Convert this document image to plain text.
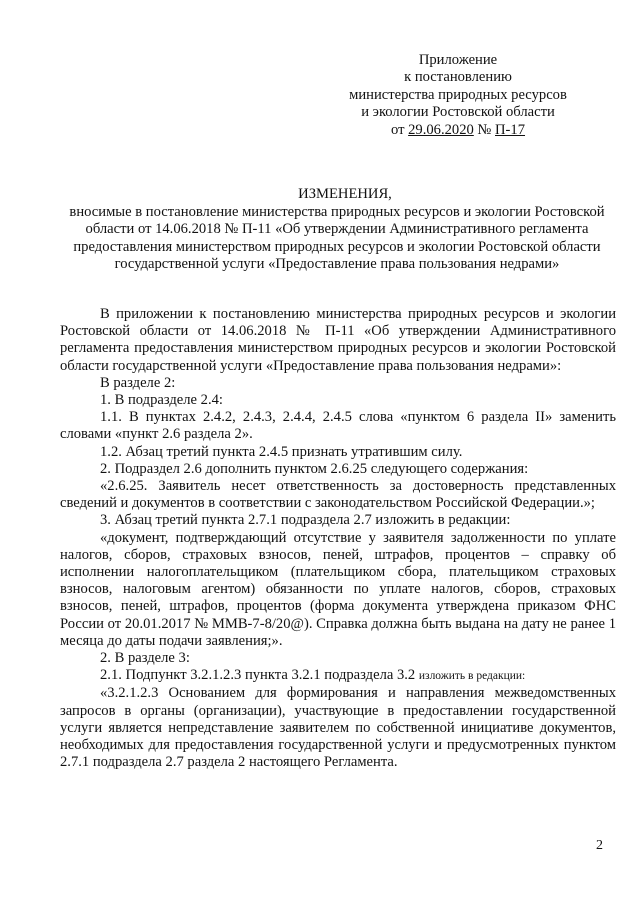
Приложение
к постановлению
министерства природных ресурсов
и экологии Ростовской области
от 29.06.2020 № П-17
ИЗМЕНЕНИЯ,
вносимые в постановление министерства природных ресурсов и экологии Ростовской области от 14.06.2018 № П-11 «Об утверждении Административного регламента предоставления министерством природных ресурсов и экологии Ростовской области государственной услуги «Предоставление права пользования недрами»

В приложении к постановлению министерства природных ресурсов и экологии Ростовской области от 14.06.2018 № П-11 «Об утверждении Административного регламента предоставления министерством природных ресурсов и экологии Ростовской области государственной услуги «Предоставление права пользования недрами»:

В разделе 2:

1. В подразделе 2.4:

1.1. В пунктах 2.4.2, 2.4.3, 2.4.4, 2.4.5 слова «пунктом 6 раздела II» заменить словами «пункт 2.6 раздела 2».

1.2. Абзац третий пункта 2.4.5 признать утратившим силу.

2. Подраздел 2.6 дополнить пунктом 2.6.25 следующего содержания:

«2.6.25. Заявитель несет ответственность за достоверность представленных сведений и документов в соответствии с законодательством Российской Федерации.»;

3. Абзац третий пункта 2.7.1 подраздела 2.7 изложить в редакции:

«документ, подтверждающий отсутствие у заявителя задолженности по уплате налогов, сборов, страховых взносов, пеней, штрафов, процентов – справку об исполнении налогоплательщиком (плательщиком сбора, плательщиком страховых взносов, налоговым агентом) обязанности по уплате налогов, сборов, страховых взносов, пеней, штрафов, процентов (форма документа утверждена приказом ФНС России от 20.01.2017 № ММВ-7-8/20@). Справка должна быть выдана на дату не ранее 1 месяца до даты подачи заявления;».

2. В разделе 3:

2.1. Подпункт 3.2.1.2.3 пункта 3.2.1 подраздела 3.2 изложить в редакции:

«3.2.1.2.3 Основанием для формирования и направления межведомственных запросов в органы (организации), участвующие в предоставлении государственной услуги является непредставление заявителем по собственной инициативе документов, необходимых для предоставления государственной услуги и предусмотренных пунктом 2.7.1 подраздела 2.7 раздела 2 настоящего Регламента.

2
